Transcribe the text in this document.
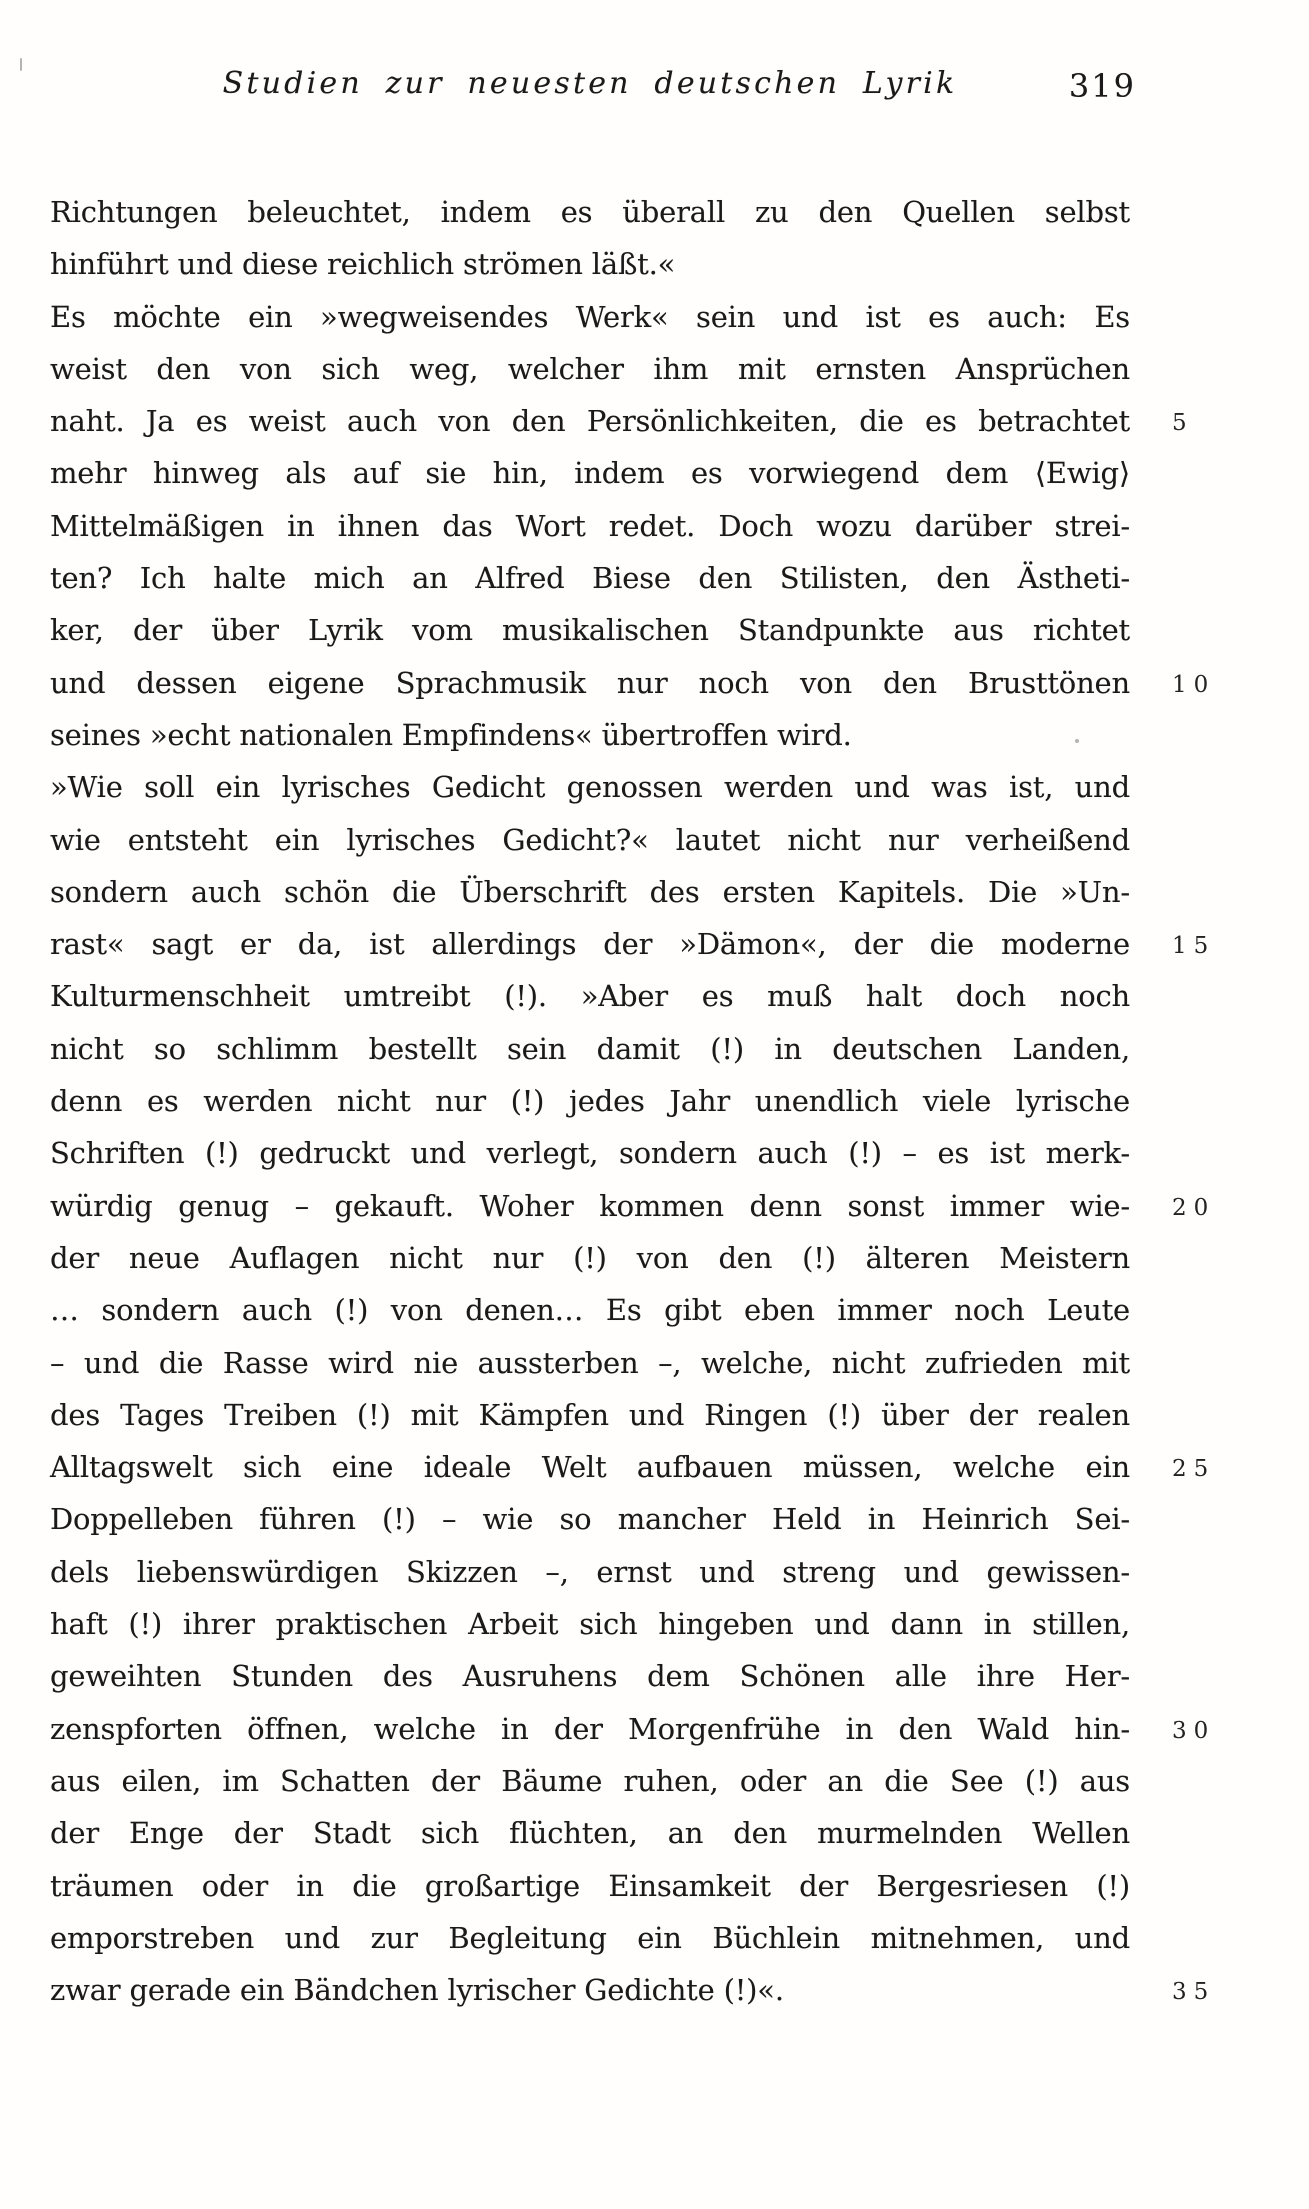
Studien zur neuesten deutschen Lyrik	319
Richtungen beleuchtet, indem es überall zu den Quellen selbst
hinführt und diese reichlich strömen läßt.«
Es möchte ein »wegweisendes Werk« sein und ist es auch: Es
weist den von sich weg, welcher ihm mit ernsten Ansprüchen
naht. Ja es weist auch von den Persönlichkeiten, die es betrachtet 5
mehr hinweg als auf sie hin, indem es vorwiegend dem ⟨Ewig⟩
Mittelmäßigen in ihnen das Wort redet. Doch wozu darüber strei-
ten? Ich halte mich an Alfred Biese den Stilisten, den Ästheti-
ker, der über Lyrik vom musikalischen Standpunkte aus richtet
und dessen eigene Sprachmusik nur noch von den Brusttönen 10
seines »echt nationalen Empfindens« übertroffen wird.
»Wie soll ein lyrisches Gedicht genossen werden und was ist, und
wie entsteht ein lyrisches Gedicht?« lautet nicht nur verheißend
sondern auch schön die Überschrift des ersten Kapitels. Die »Un-
rast« sagt er da, ist allerdings der »Dämon«, der die moderne 15
Kulturmenschheit umtreibt (!). »Aber es muß halt doch noch
nicht so schlimm bestellt sein damit (!) in deutschen Landen,
denn es werden nicht nur (!) jedes Jahr unendlich viele lyrische
Schriften (!) gedruckt und verlegt, sondern auch (!) – es ist merk-
würdig genug – gekauft. Woher kommen denn sonst immer wie- 20
der neue Auflagen nicht nur (!) von den (!) älteren Meistern
… sondern auch (!) von denen… Es gibt eben immer noch Leute
– und die Rasse wird nie aussterben –, welche, nicht zufrieden mit
des Tages Treiben (!) mit Kämpfen und Ringen (!) über der realen
Alltagswelt sich eine ideale Welt aufbauen müssen, welche ein 25
Doppelleben führen (!) – wie so mancher Held in Heinrich Sei-
dels liebenswürdigen Skizzen –, ernst und streng und gewissen-
haft (!) ihrer praktischen Arbeit sich hingeben und dann in stillen,
geweihten Stunden des Ausruhens dem Schönen alle ihre Her-
zenspforten öffnen, welche in der Morgenfrühe in den Wald hin- 30
aus eilen, im Schatten der Bäume ruhen, oder an die See (!) aus
der Enge der Stadt sich flüchten, an den murmelnden Wellen
träumen oder in die großartige Einsamkeit der Bergesriesen (!)
emporstreben und zur Begleitung ein Büchlein mitnehmen, und
zwar gerade ein Bändchen lyrischer Gedichte (!)«.	35
